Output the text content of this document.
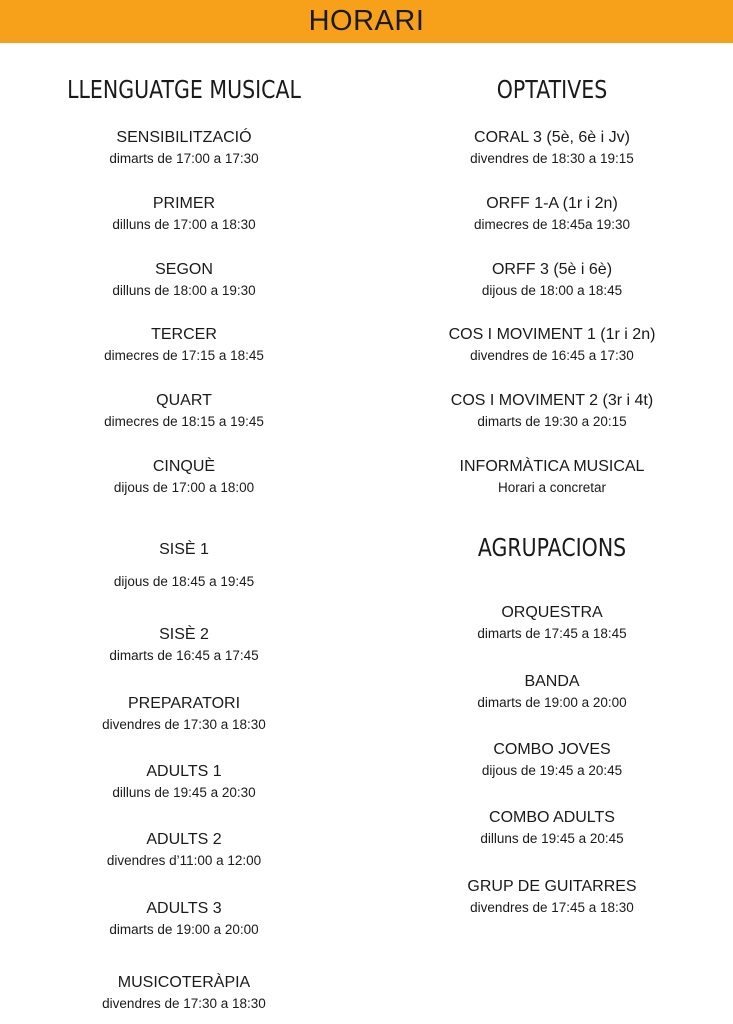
HORARI
LLENGUATGE MUSICAL
SENSIBILITZACIÓ
dimarts de 17:00 a 17:30
PRIMER
dilluns de 17:00 a 18:30
SEGON
dilluns de 18:00 a 19:30
TERCER
dimecres de 17:15 a 18:45
QUART
dimecres de 18:15 a 19:45
CINQUÈ
dijous de 17:00 a 18:00
SISÈ 1
dijous de 18:45 a 19:45
SISÈ 2
dimarts de 16:45 a 17:45
PREPARATORI
divendres de 17:30 a 18:30
ADULTS 1
dilluns de 19:45 a 20:30
ADULTS 2
divendres d’11:00 a 12:00
ADULTS 3
dimarts de 19:00 a 20:00
MUSICOTERÀPIA
divendres de 17:30 a 18:30
OPTATIVES
CORAL 3 (5è, 6è i Jv)
divendres de 18:30 a 19:15
ORFF 1-A (1r i 2n)
dimecres de 18:45a 19:30
ORFF 3 (5è i 6è)
dijous de 18:00 a 18:45
COS I MOVIMENT 1 (1r i 2n)
divendres de 16:45 a 17:30
COS I MOVIMENT 2 (3r i 4t)
dimarts de 19:30 a 20:15
INFORMÀTICA MUSICAL
Horari a concretar
AGRUPACIONS
ORQUESTRA
dimarts de 17:45 a 18:45
BANDA
dimarts de 19:00 a 20:00
COMBO JOVES
dijous de 19:45 a 20:45
COMBO ADULTS
dilluns de 19:45 a 20:45
GRUP DE GUITARRES
divendres de 17:45 a 18:30
